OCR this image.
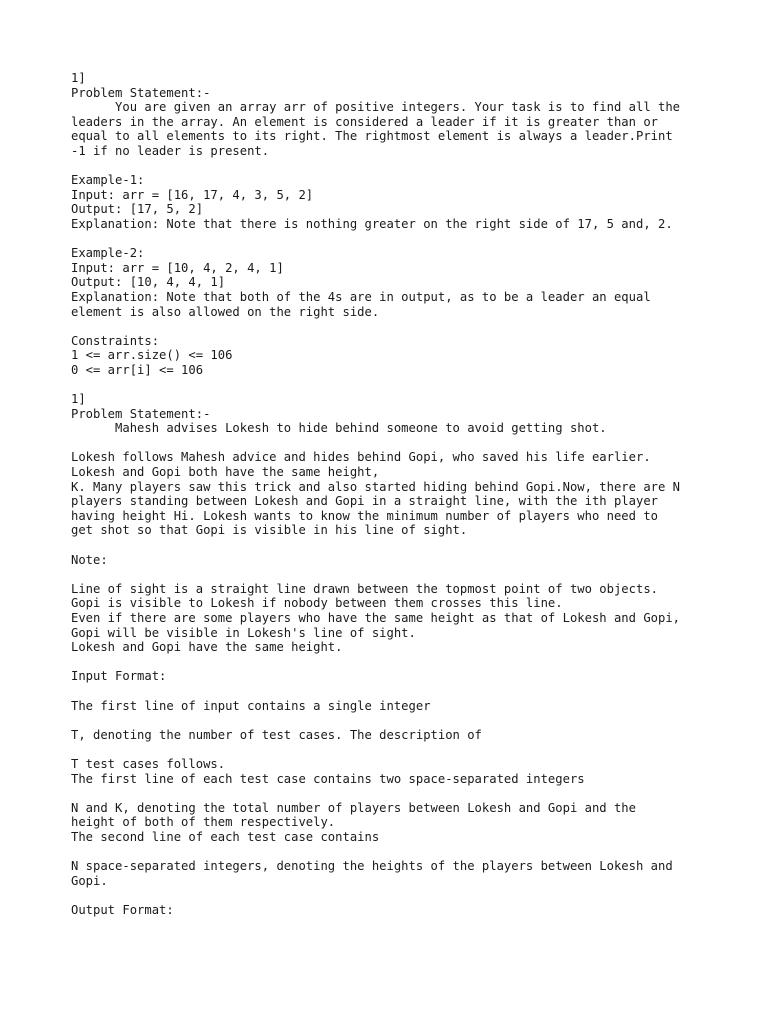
1]
Problem Statement:-
You are given an array arr of positive integers. Your task is to find all the
leaders in the array. An element is considered a leader if it is greater than or
equal to all elements to its right. The rightmost element is always a leader.Print
-1 if no leader is present.
Example-1:
Input: arr = [16, 17, 4, 3, 5, 2]
Output: [17, 5, 2]
Explanation: Note that there is nothing greater on the right side of 17, 5 and, 2.
Example-2:
Input: arr = [10, 4, 2, 4, 1]
Output: [10, 4, 4, 1]
Explanation: Note that both of the 4s are in output, as to be a leader an equal
element is also allowed on the right side.
Constraints:
1 <= arr.size() <= 106
0 <= arr[i] <= 106
1]
Problem Statement:-
Mahesh advises Lokesh to hide behind someone to avoid getting shot.
Lokesh follows Mahesh advice and hides behind Gopi, who saved his life earlier.
Lokesh and Gopi both have the same height,
K. Many players saw this trick and also started hiding behind Gopi.Now, there are N
players standing between Lokesh and Gopi in a straight line, with the ith player
having height Hi. Lokesh wants to know the minimum number of players who need to
get shot so that Gopi is visible in his line of sight.
Note:
Line of sight is a straight line drawn between the topmost point of two objects.
Gopi is visible to Lokesh if nobody between them crosses this line.
Even if there are some players who have the same height as that of Lokesh and Gopi,
Gopi will be visible in Lokesh's line of sight.
Lokesh and Gopi have the same height.
Input Format:
The first line of input contains a single integer
T, denoting the number of test cases. The description of
T test cases follows.
The first line of each test case contains two space-separated integers
N and K, denoting the total number of players between Lokesh and Gopi and the
height of both of them respectively.
The second line of each test case contains
N space-separated integers, denoting the heights of the players between Lokesh and
Gopi.
Output Format:
